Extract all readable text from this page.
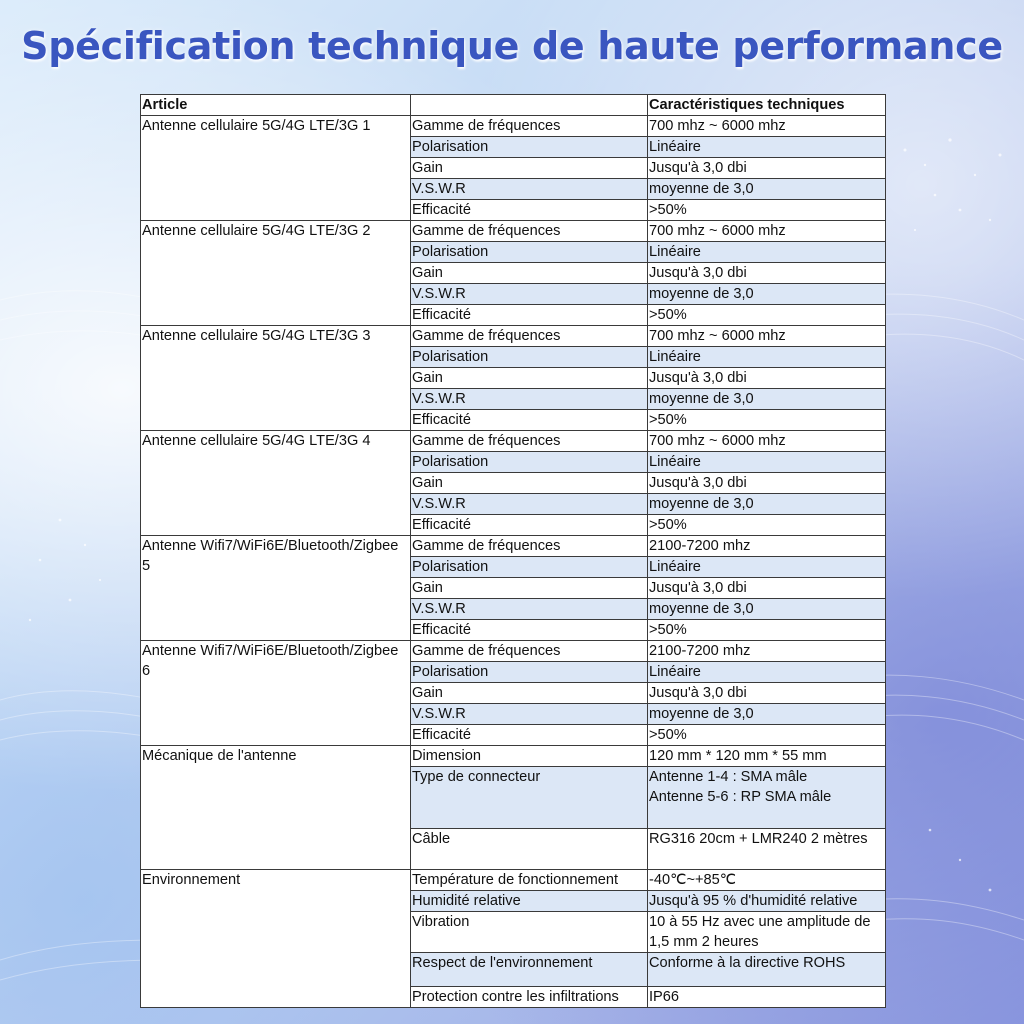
Spécification technique de haute performance
Article		Caractéristiques techniques
Antenne cellulaire 5G/4G LTE/3G 1	Gamme de fréquences	700 mhz ~ 6000 mhz
	Polarisation	Linéaire
	Gain	Jusqu'à 3,0 dbi
	V.S.W.R	moyenne de 3,0
	Efficacité	>50%
Antenne cellulaire 5G/4G LTE/3G 2	Gamme de fréquences	700 mhz ~ 6000 mhz
	Polarisation	Linéaire
	Gain	Jusqu'à 3,0 dbi
	V.S.W.R	moyenne de 3,0
	Efficacité	>50%
Antenne cellulaire 5G/4G LTE/3G 3	Gamme de fréquences	700 mhz ~ 6000 mhz
	Polarisation	Linéaire
	Gain	Jusqu'à 3,0 dbi
	V.S.W.R	moyenne de 3,0
	Efficacité	>50%
Antenne cellulaire 5G/4G LTE/3G 4	Gamme de fréquences	700 mhz ~ 6000 mhz
	Polarisation	Linéaire
	Gain	Jusqu'à 3,0 dbi
	V.S.W.R	moyenne de 3,0
	Efficacité	>50%
Antenne Wifi7/WiFi6E/Bluetooth/Zigbee 5	Gamme de fréquences	2100-7200 mhz
	Polarisation	Linéaire
	Gain	Jusqu'à 3,0 dbi
	V.S.W.R	moyenne de 3,0
	Efficacité	>50%
Antenne Wifi7/WiFi6E/Bluetooth/Zigbee 6	Gamme de fréquences	2100-7200 mhz
	Polarisation	Linéaire
	Gain	Jusqu'à 3,0 dbi
	V.S.W.R	moyenne de 3,0
	Efficacité	>50%
Mécanique de l'antenne	Dimension	120 mm * 120 mm * 55 mm
	Type de connecteur	Antenne 1-4 : SMA mâle
Antenne 5-6 : RP SMA mâle
	Câble	RG316 20cm + LMR240 2 mètres
Environnement	Température de fonctionnement	-40℃~+85℃
	Humidité relative	Jusqu'à 95 % d'humidité relative
	Vibration	10 à 55 Hz avec une amplitude de 1,5 mm 2 heures
	Respect de l'environnement	Conforme à la directive ROHS
	Protection contre les infiltrations	IP66
